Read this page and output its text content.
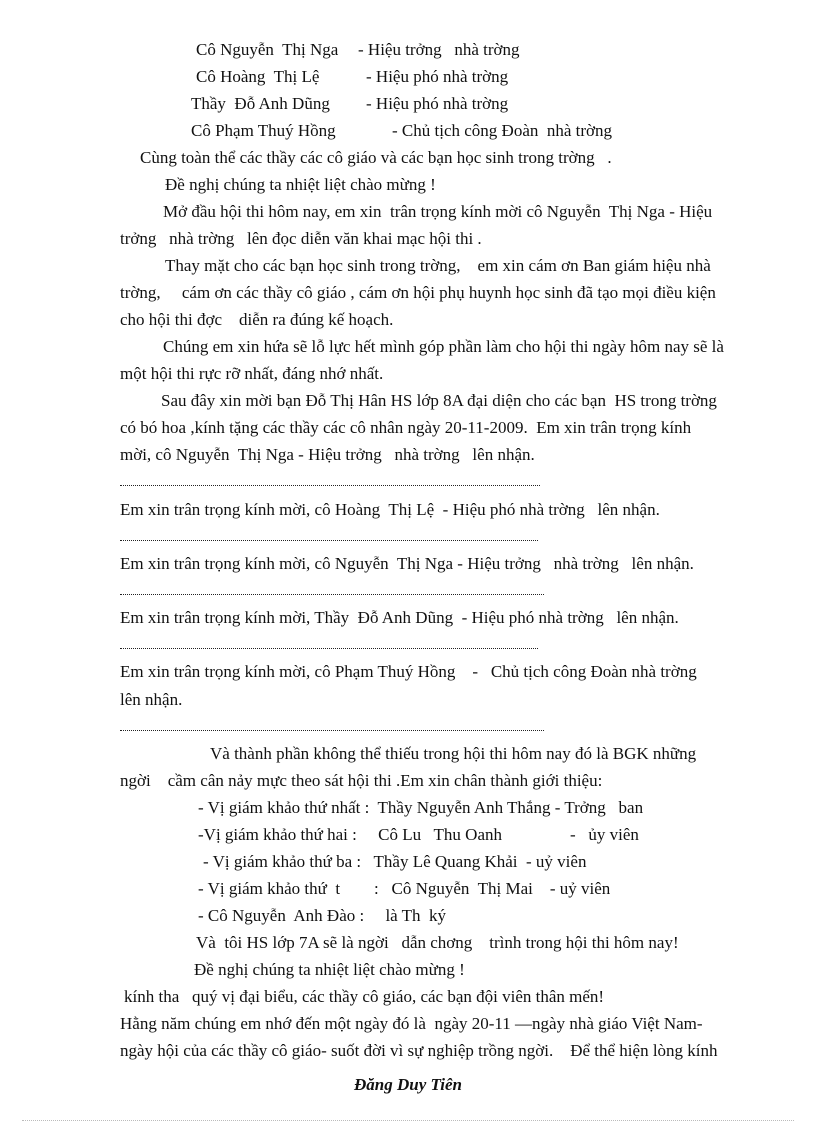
Cô Nguyễn  Thị Nga - Hiệu trởng   nhà trờng
Cô Hoàng  Thị Lệ	- Hiệu phó nhà trờng
Thầy  Đỗ Anh Dũng - Hiệu phó nhà trờng
Cô Phạm Thuý Hồng	- Chủ tịch công Đoàn  nhà trờng
Cùng toàn thể các thầy các cô giáo và các bạn học sinh trong trờng   .
Đề nghị chúng ta nhiệt liệt chào mừng !
Mở đầu hội thi hôm nay, em xin  trân trọng kính mời cô Nguyễn  Thị Nga - Hiệu
trởng   nhà trờng   lên đọc diễn văn khai mạc hội thi .
Thay mặt cho các bạn học sinh trong trờng,    em xin cám ơn Ban giám hiệu nhà
trờng,     cám ơn các thầy cô giáo , cám ơn hội phụ huynh học sinh đã tạo mọi điều kiện
cho hội thi đợc    diễn ra đúng kế hoạch.
Chúng em xin hứa sẽ lỗ lực hết mình góp phần làm cho hội thi ngày hôm nay sẽ là
một hội thi rực rỡ nhất, đáng nhớ nhất.
Sau đây xin mời bạn Đỗ Thị Hân HS lớp 8A đại diện cho các bạn  HS trong trờng
có bó hoa ,kính tặng các thầy các cô nhân ngày 20-11-2009.  Em xin trân trọng kính
mời, cô Nguyễn  Thị Nga - Hiệu trởng   nhà trờng   lên nhận.
Em xin trân trọng kính mời, cô Hoàng  Thị Lệ  - Hiệu phó nhà trờng   lên nhận.
Em xin trân trọng kính mời, cô Nguyễn  Thị Nga - Hiệu trởng   nhà trờng   lên nhận.
Em xin trân trọng kính mời, Thầy  Đỗ Anh Dũng  - Hiệu phó nhà trờng   lên nhận.
Em xin trân trọng kính mời, cô Phạm Thuý Hồng    -   Chủ tịch công Đoàn nhà trờng
lên nhận.
Và thành phần không thể thiếu trong hội thi hôm nay đó là BGK những
ngời    cầm cân nảy mực theo sát hội thi .Em xin chân thành giới thiệu:
- Vị giám khảo thứ nhất :  Thầy Nguyễn Anh Thắng - Trởng   ban
-Vị giám khảo thứ hai :     Cô Lu   Thu Oanh                -   ủy viên
- Vị giám khảo thứ ba :   Thầy Lê Quang Khải  - uỷ viên
- Vị giám khảo thứ  t        :   Cô Nguyễn  Thị Mai    - uỷ viên
- Cô Nguyễn  Anh Đào :     là Th  ký
Và  tôi HS lớp 7A sẽ là ngời   dẫn chơng    trình trong hội thi hôm nay!
Đề nghị chúng ta nhiệt liệt chào mừng !
kính tha   quý vị đại biểu, các thầy cô giáo, các bạn đội viên thân mến!
Hằng năm chúng em nhớ đến một ngày đó là  ngày 20-11 —ngày nhà giáo Việt Nam-
ngày hội của các thầy cô giáo- suốt đời vì sự nghiệp trồng ngời.    Để thể hiện lòng kính
Đăng Duy Tiên
